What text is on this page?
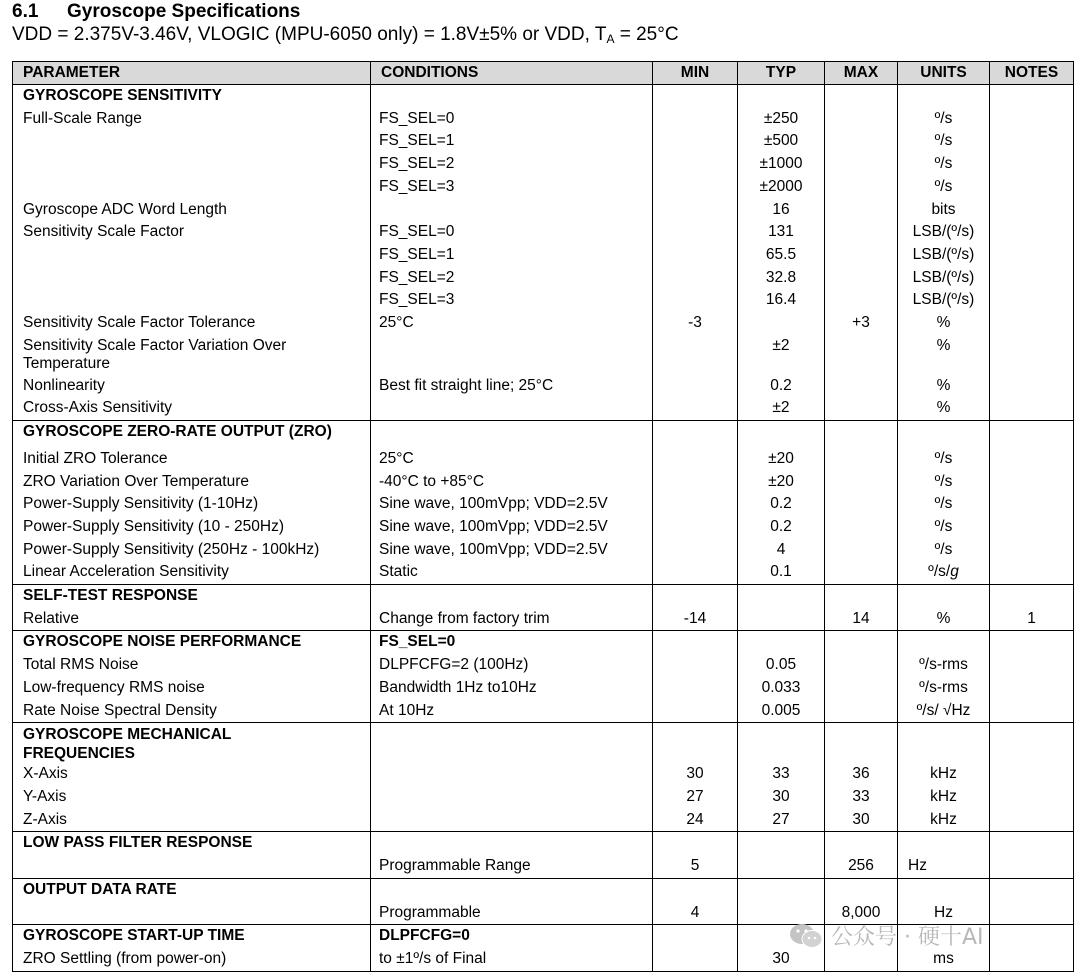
6.1 Gyroscope Specifications
VDD = 2.375V-3.46V, VLOGIC (MPU-6050 only) = 1.8V±5% or VDD, $T_A = 25^\circ C$
PARAMETER	CONDITIONS	MIN	TYP	MAX	UNITS	NOTES
GYROSCOPE SENSITIVITY						
Full-Scale Range	FS_SEL=0		±250		º/s	
	FS_SEL=1		±500		º/s	
	FS_SEL=2		±1000		º/s	
	FS_SEL=3		±2000		º/s	
Gyroscope ADC Word Length			16		bits	
Sensitivity Scale Factor	FS_SEL=0		131		LSB/(º/s)	
	FS_SEL=1		65.5		LSB/(º/s)	
	FS_SEL=2		32.8		LSB/(º/s)	
	FS_SEL=3		16.4		LSB/(º/s)	
Sensitivity Scale Factor Tolerance	25°C	-3		+3	%	

Sensitivity Scale Factor Variation Over
Temperature			±2		%	
Nonlinearity	Best fit straight line; 25°C		0.2		%	
Cross-Axis Sensitivity			±2		%	
GYROSCOPE ZERO-RATE OUTPUT (ZRO)						
Initial ZRO Tolerance	25°C		±20		º/s	
ZRO Variation Over Temperature	-40°C to +85°C		±20		º/s	
Power-Supply Sensitivity (1-10Hz)	Sine wave, 100mVpp; VDD=2.5V		0.2		º/s	
Power-Supply Sensitivity (10 - 250Hz)	Sine wave, 100mVpp; VDD=2.5V		0.2		º/s	
Power-Supply Sensitivity (250Hz - 100kHz)	Sine wave, 100mVpp; VDD=2.5V		4		º/s	
Linear Acceleration Sensitivity	Static		0.1		º/s/g	
SELF-TEST RESPONSE						
Relative	Change from factory trim	-14		14	%	1
GYROSCOPE NOISE PERFORMANCE	FS_SEL=0					
Total RMS Noise	DLPFCFG=2 (100Hz)		0.05		º/s-rms	
Low-frequency RMS noise	Bandwidth 1Hz to10Hz		0.033		º/s-rms	
Rate Noise Spectral Density	At 10Hz		0.005		º/s/ √Hz	

GYROSCOPE MECHANICAL
FREQUENCIES						

X-Axis		30	33	36	kHz	
Y-Axis		27	30	33	kHz	
Z-Axis		24	27	30	kHz	
LOW PASS FILTER RESPONSE						
	Programmable Range	5		256	Hz	
OUTPUT DATA RATE						
	Programmable	4		8,000	Hz	
GYROSCOPE START-UP TIME	DLPFCFG=0					
ZRO Settling (from power-on)	to ±1º/s of Final		30		ms	
公众号 · 硬十AI
